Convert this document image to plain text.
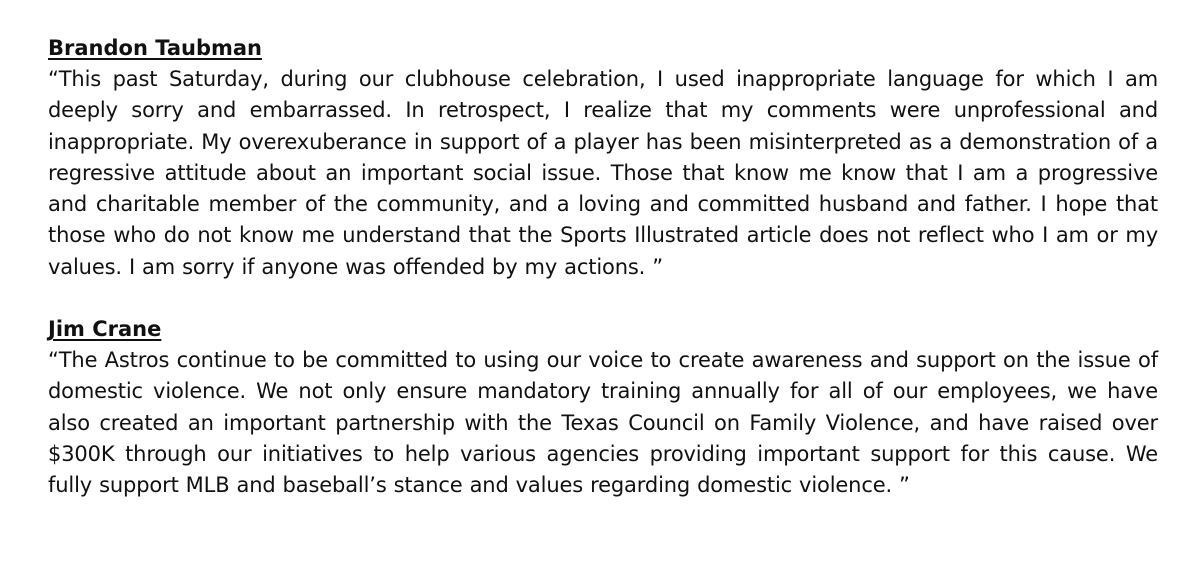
Brandon Taubman

“This past Saturday, during our clubhouse celebration, I used inappropriate language for which I am deeply sorry and embarrassed. In retrospect, I realize that my comments were unprofessional and inappropriate. My overexuberance in support of a player has been misinterpreted as a demonstration of a regressive attitude about an important social issue. Those that know me know that I am a progressive and charitable member of the community, and a loving and committed husband and father. I hope that those who do not know me understand that the Sports Illustrated article does not reflect who I am or my values. I am sorry if anyone was offended by my actions. ”

Jim Crane

“The Astros continue to be committed to using our voice to create awareness and support on the issue of domestic violence. We not only ensure mandatory training annually for all of our employees, we have also created an important partnership with the Texas Council on Family Violence, and have raised over $300K through our initiatives to help various agencies providing important support for this cause. We fully support MLB and baseball’s stance and values regarding domestic violence. ”
